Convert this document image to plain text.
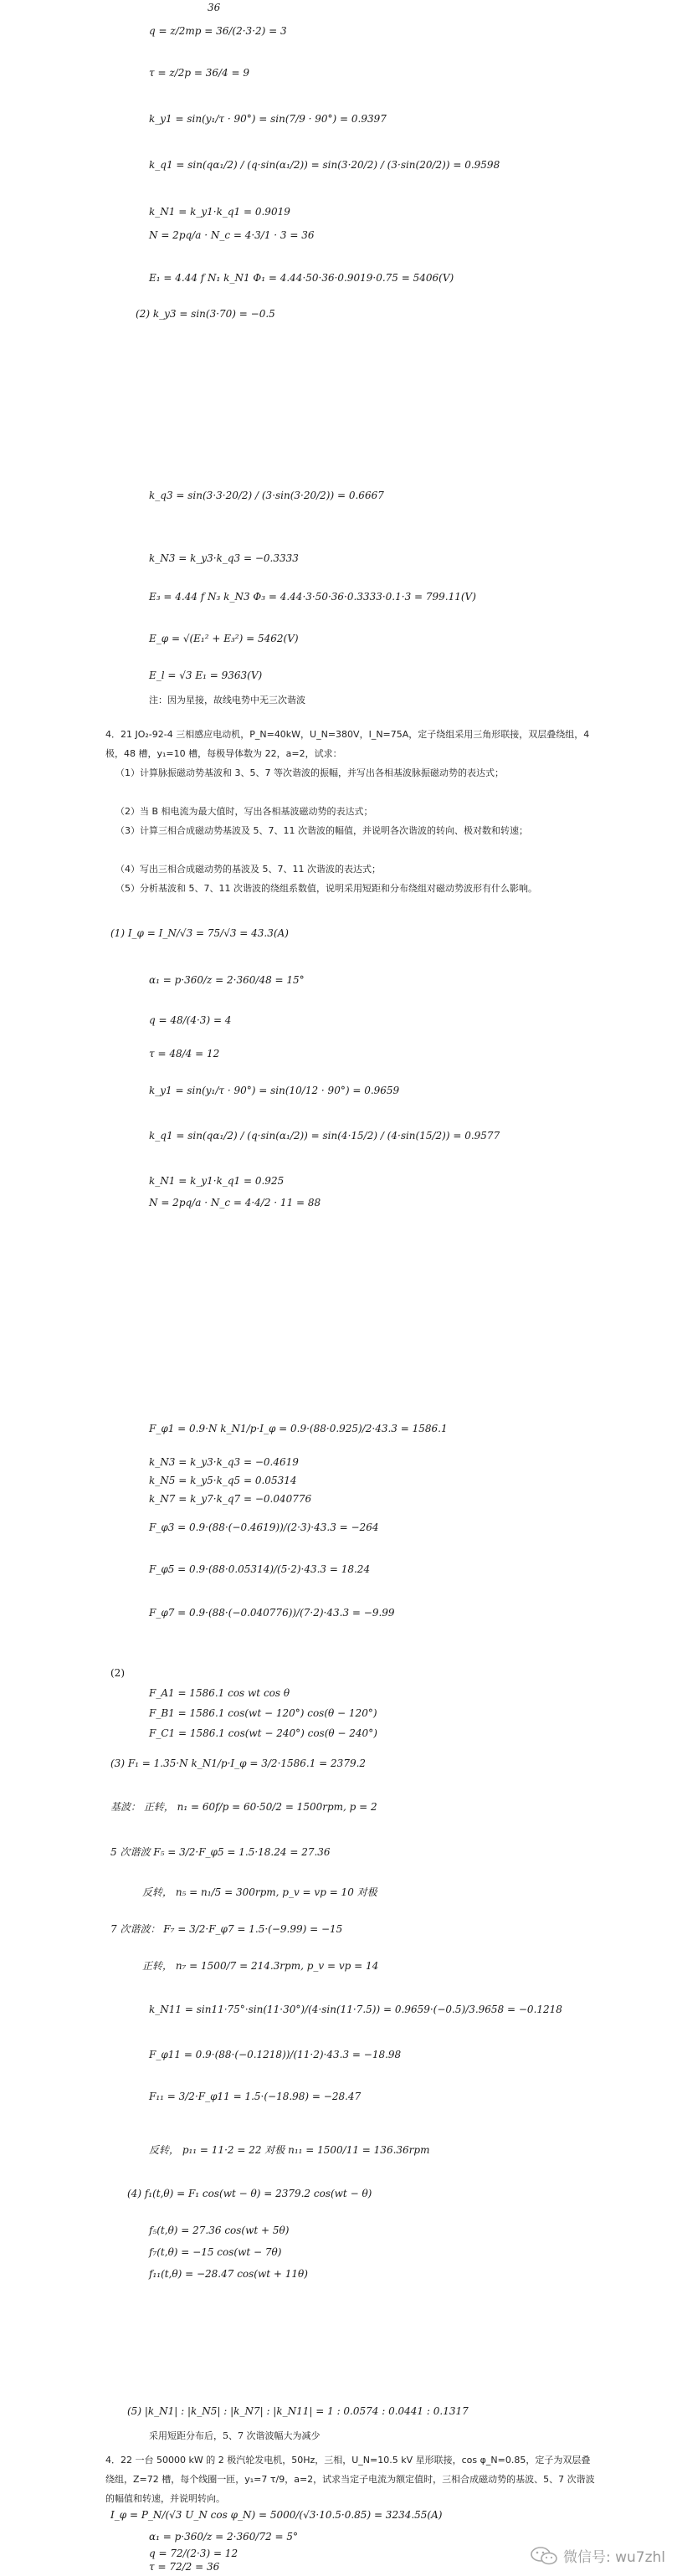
36
q = z/2mp = 36/(2·3·2) = 3
τ = z/2p = 36/4 = 9
k_y1 = sin(y₁/τ · 90°) = sin(7/9 · 90°) = 0.9397
k_q1 = sin(qα₁/2) / (q·sin(α₁/2)) = sin(3·20/2) / (3·sin(20/2)) = 0.9598
k_N1 = k_y1·k_q1 = 0.9019
N = 2pq/a · N_c = 4·3/1 · 3 = 36
E₁ = 4.44 f N₁ k_N1 Φ₁ = 4.44·50·36·0.9019·0.75 = 5406(V)
(2) k_y3 = sin(3·70) = −0.5
k_q3 = sin(3·3·20/2) / (3·sin(3·20/2)) = 0.6667
k_N3 = k_y3·k_q3 = −0.3333
E₃ = 4.44 f N₃ k_N3 Φ₃ = 4.44·3·50·36·0.3333·0.1·3 = 799.11(V)
E_φ = √(E₁² + E₃²) = 5462(V)
E_l = √3 E₁ = 9363(V)
注：因为星接，故线电势中无三次谐波
4．21 JO₂-92-4 三相感应电动机，P_N=40kW，U_N=380V，I_N=75A，定子绕组采用三角形联接，双层叠绕组，4 极，48 槽，y₁=10 槽，每极导体数为 22，a=2，试求：
（1）计算脉振磁动势基波和 3、5、7 等次谐波的振幅，并写出各相基波脉振磁动势的表达式；
（2）当 B 相电流为最大值时，写出各相基波磁动势的表达式；
（3）计算三相合成磁动势基波及 5、7、11 次谐波的幅值，并说明各次谐波的转向、极对数和转速；
（4）写出三相合成磁动势的基波及 5、7、11 次谐波的表达式；
（5）分析基波和 5、7、11 次谐波的绕组系数值，说明采用短距和分布绕组对磁动势波形有什么影响。
(1) I_φ = I_N/√3 = 75/√3 = 43.3(A)
α₁ = p·360/z = 2·360/48 = 15°
q = 48/(4·3) = 4
τ = 48/4 = 12
k_y1 = sin(y₁/τ · 90°) = sin(10/12 · 90°) = 0.9659
k_q1 = sin(qα₁/2) / (q·sin(α₁/2)) = sin(4·15/2) / (4·sin(15/2)) = 0.9577
k_N1 = k_y1·k_q1 = 0.925
N = 2pq/a · N_c = 4·4/2 · 11 = 88
F_φ1 = 0.9·N k_N1/p·I_φ = 0.9·(88·0.925)/2·43.3 = 1586.1
k_N3 = k_y3·k_q3 = −0.4619
k_N5 = k_y5·k_q5 = 0.05314
k_N7 = k_y7·k_q7 = −0.040776
F_φ3 = 0.9·(88·(−0.4619))/(2·3)·43.3 = −264
F_φ5 = 0.9·(88·0.05314)/(5·2)·43.3 = 18.24
F_φ7 = 0.9·(88·(−0.040776))/(7·2)·43.3 = −9.99
(2)
F_A1 = 1586.1 cos wt cos θ
F_B1 = 1586.1 cos(wt − 120°) cos(θ − 120°)
F_C1 = 1586.1 cos(wt − 240°) cos(θ − 240°)
(3) F₁ = 1.35·N k_N1/p·I_φ = 3/2·1586.1 = 2379.2
基波： 正转， n₁ = 60f/p = 60·50/2 = 1500rpm, p = 2
5 次谐波 F₅ = 3/2·F_φ5 = 1.5·18.24 = 27.36
反转， n₅ = n₁/5 = 300rpm, p_v = vp = 10 对极
7 次谐波： F₇ = 3/2·F_φ7 = 1.5·(−9.99) = −15
正转， n₇ = 1500/7 = 214.3rpm, p_v = vp = 14
k_N11 = sin11·75°·sin(11·30°)/(4·sin(11·7.5)) = 0.9659·(−0.5)/3.9658 = −0.1218
F_φ11 = 0.9·(88·(−0.1218))/(11·2)·43.3 = −18.98
F₁₁ = 3/2·F_φ11 = 1.5·(−18.98) = −28.47
反转， p₁₁ = 11·2 = 22 对极 n₁₁ = 1500/11 = 136.36rpm
(4) f₁(t,θ) = F₁ cos(wt − θ) = 2379.2 cos(wt − θ)
f₅(t,θ) = 27.36 cos(wt + 5θ)
f₇(t,θ) = −15 cos(wt − 7θ)
f₁₁(t,θ) = −28.47 cos(wt + 11θ)
(5) |k_N1| : |k_N5| : |k_N7| : |k_N11| = 1 : 0.0574 : 0.0441 : 0.1317
采用短距分布后，5、7 次谐波幅大为减少
4．22 一台 50000 kW 的 2 极汽轮发电机，50Hz，三相，U_N=10.5 kV 星形联接，cos φ_N=0.85，定子为双层叠绕组，Z=72 槽，每个线圈一匝，y₁=7 τ/9，a=2，试求当定子电流为额定值时，三相合成磁动势的基波、5、7 次谐波的幅值和转速，并说明转向。
I_φ = P_N/(√3 U_N cos φ_N) = 5000/(√3·10.5·0.85) = 3234.55(A)
α₁ = p·360/z = 2·360/72 = 5°
q = 72/(2·3) = 12
τ = 72/2 = 36
微信号: wu7zhl
